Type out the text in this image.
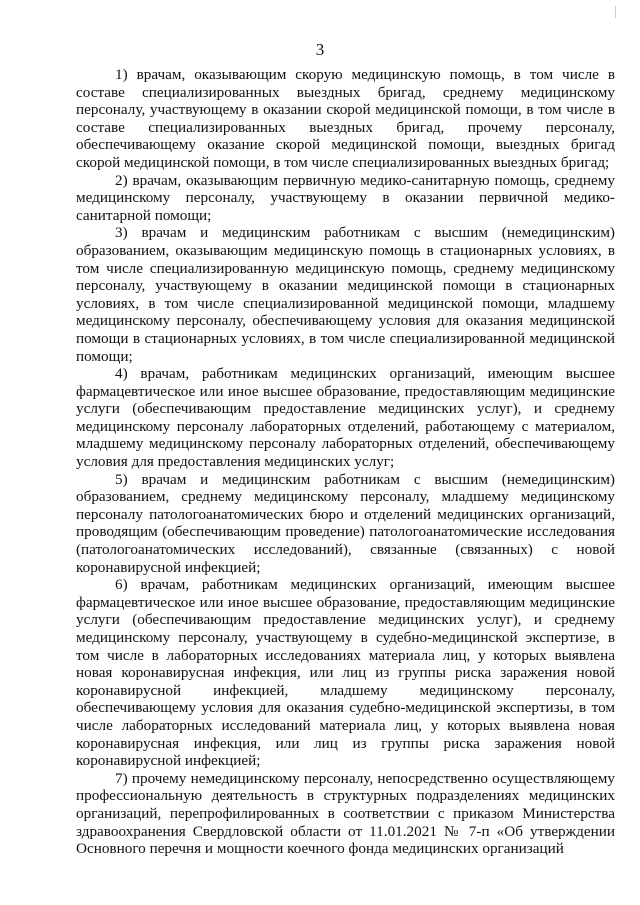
3

1) врачам, оказывающим скорую медицинскую помощь, в том числе в составе специализированных выездных бригад, среднему медицинскому персоналу, участвующему в оказании скорой медицинской помощи, в том числе в составе специализированных выездных бригад, прочему персоналу, обеспечивающему оказание скорой медицинской помощи, выездных бригад скорой медицинской помощи, в том числе специализированных выездных бригад;

2) врачам, оказывающим первичную медико-санитарную помощь, среднему медицинскому персоналу, участвующему в оказании первичной медико-санитарной помощи;

3) врачам и медицинским работникам с высшим (немедицинским) образованием, оказывающим медицинскую помощь в стационарных условиях, в том числе специализированную медицинскую помощь, среднему медицинскому персоналу, участвующему в оказании медицинской помощи в стационарных условиях, в том числе специализированной медицинской помощи, младшему медицинскому персоналу, обеспечивающему условия для оказания медицинской помощи в стационарных условиях, в том числе специализированной медицинской помощи;

4) врачам, работникам медицинских организаций, имеющим высшее фармацевтическое или иное высшее образование, предоставляющим медицинские услуги (обеспечивающим предоставление медицинских услуг), и среднему медицинскому персоналу лабораторных отделений, работающему с материалом, младшему медицинскому персоналу лабораторных отделений, обеспечивающему условия для предоставления медицинских услуг;

5) врачам и медицинским работникам с высшим (немедицинским) образованием, среднему медицинскому персоналу, младшему медицинскому персоналу патологоанатомических бюро и отделений медицинских организаций, проводящим (обеспечивающим проведение) патологоанатомические исследования (патологоанатомических исследований), связанные (связанных) с новой коронавирусной инфекцией;

6) врачам, работникам медицинских организаций, имеющим высшее фармацевтическое или иное высшее образование, предоставляющим медицинские услуги (обеспечивающим предоставление медицинских услуг), и среднему медицинскому персоналу, участвующему в судебно-медицинской экспертизе, в том числе в лабораторных исследованиях материала лиц, у которых выявлена новая коронавирусная инфекция, или лиц из группы риска заражения новой коронавирусной инфекцией, младшему медицинскому персоналу, обеспечивающему условия для оказания судебно-медицинской экспертизы, в том числе лабораторных исследований материала лиц, у которых выявлена новая коронавирусная инфекция, или лиц из группы риска заражения новой коронавирусной инфекцией;

7) прочему немедицинскому персоналу, непосредственно осуществляющему профессиональную деятельность в структурных подразделениях медицинских организаций, перепрофилированных в соответствии с приказом Министерства здравоохранения Свердловской области от 11.01.2021 № 7-п «Об утверждении Основного перечня и мощности коечного фонда медицинских организаций
